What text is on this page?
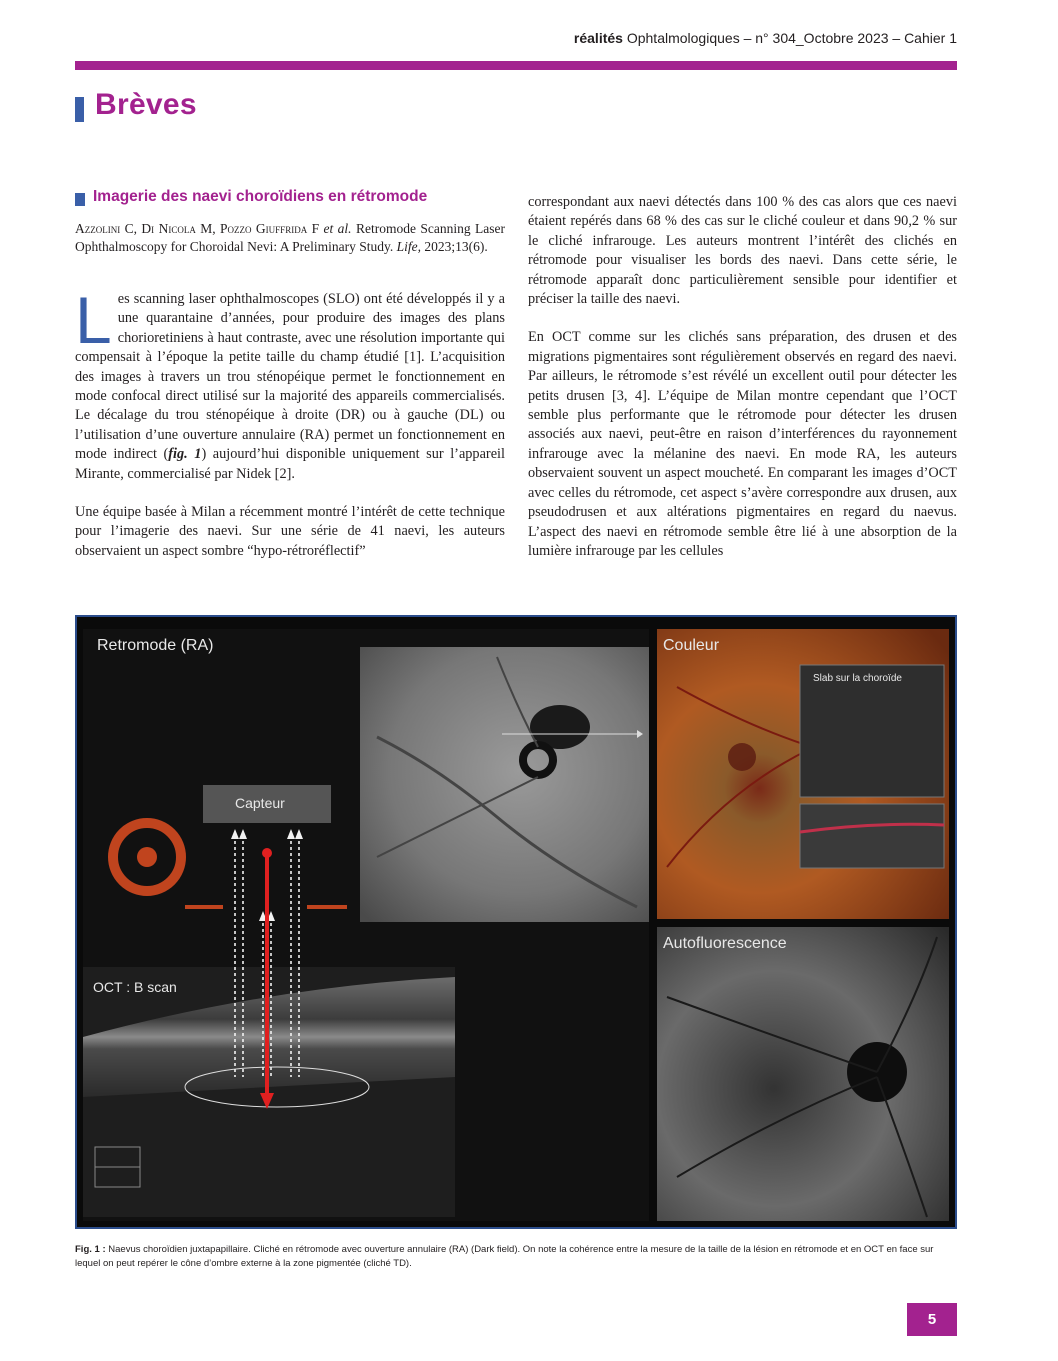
réalités Ophtalmologiques – n° 304_Octobre 2023 – Cahier 1
Brèves
Imagerie des naevi choroïdiens en rétromode

Azzolini C, Di Nicola M, Pozzo Giuffrida F et al. Retromode Scanning Laser Ophthalmoscopy for Choroidal Nevi: A Preliminary Study. Life, 2023;13(6).

Les scanning laser ophthalmoscopes (SLO) ont été développés il y a une quarantaine d’années, pour produire des images des plans chorioretiniens à haut contraste, avec une résolution importante qui compensait à l’époque la petite taille du champ étudié [1]. L’acquisition des images à travers un trou sténopéique permet le fonctionnement en mode confocal direct utilisé sur la majorité des appareils commercialisés. Le décalage du trou sténopéique à droite (DR) ou à gauche (DL) ou l’utilisation d’une ouverture annulaire (RA) permet un fonctionnement en mode indirect (fig. 1) aujourd’hui disponible uniquement sur l’appareil Mirante, commercialisé par Nidek [2].

Une équipe basée à Milan a récemment montré l’intérêt de cette technique pour l’imagerie des naevi. Sur une série de 41 naevi, les auteurs observaient un aspect sombre “hypo-rétroréflectif”

correspondant aux naevi détectés dans 100 % des cas alors que ces naevi étaient repérés dans 68 % des cas sur le cliché couleur et dans 90,2 % sur le cliché infrarouge. Les auteurs montrent l’intérêt des clichés en rétromode pour visualiser les bords des naevi. Dans cette série, le rétromode apparaît donc particulièrement sensible pour identifier et préciser la taille des naevi.

En OCT comme sur les clichés sans préparation, des drusen et des migrations pigmentaires sont régulièrement observés en regard des naevi. Par ailleurs, le rétromode s’est révélé un excellent outil pour détecter les petits drusen [3, 4]. L’équipe de Milan montre cependant que l’OCT semble plus performante que le rétromode pour détecter les drusen associés aux naevi, peut-être en raison d’interférences du rayonnement infrarouge avec la mélanine des naevi. En mode RA, les auteurs observaient souvent un aspect moucheté. En comparant les images d’OCT avec celles du rétromode, cet aspect s’avère correspondre aux drusen, aux pseudodrusen et aux altérations pigmentaires en regard du naevus. L’aspect des naevi en rétromode semble être lié à une absorption de la lumière infrarouge par les cellules

Retromode (RA)
Capteur
OCT : B scan
Couleur
Slab sur la choroïde
Autofluorescence
Fig. 1 : Naevus choroïdien juxtapapillaire. Cliché en rétromode avec ouverture annulaire (RA) (Dark field). On note la cohérence entre la mesure de la taille de la lésion en rétromode et en OCT en face sur lequel on peut repérer le cône d’ombre externe à la zone pigmentée (cliché TD).
5
